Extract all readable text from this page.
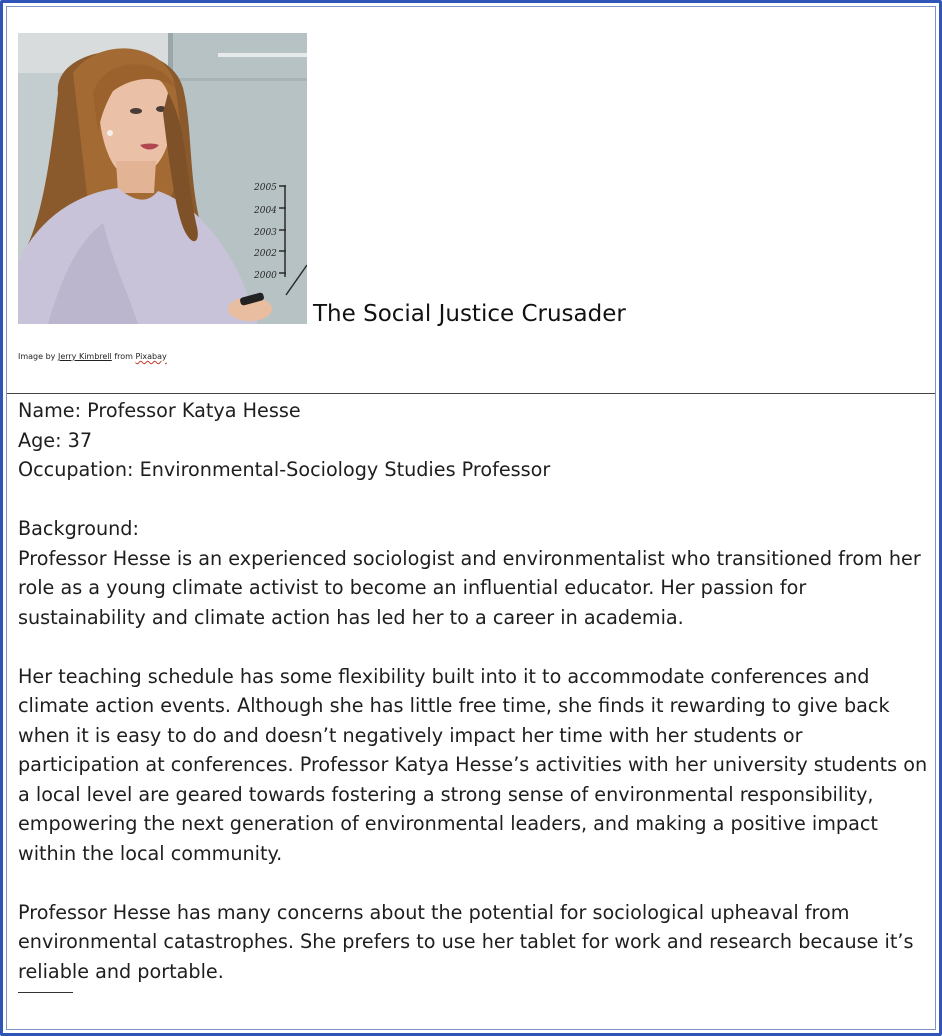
2005
2004
2003
2002
2000
The Social Justice Crusader
Image by Jerry Kimbrell from Pixabay

Name: Professor Katya Hesse

Age: 37

Occupation: Environmental-Sociology Studies Professor

Background:

Professor Hesse is an experienced sociologist and environmentalist who transitioned from her role as a young climate activist to become an influential educator. Her passion for sustainability and climate action has led her to a career in academia.

Her teaching schedule has some flexibility built into it to accommodate conferences and climate action events. Although she has little free time, she finds it rewarding to give back when it is easy to do and doesn’t negatively impact her time with her students or participation at conferences. Professor Katya Hesse’s activities with her university students on a local level are geared towards fostering a strong sense of environmental responsibility, empowering the next generation of environmental leaders, and making a positive impact within the local community.

Professor Hesse has many concerns about the potential for sociological upheaval from environmental catastrophes. She prefers to use her tablet for work and research because it’s reliable and portable.
